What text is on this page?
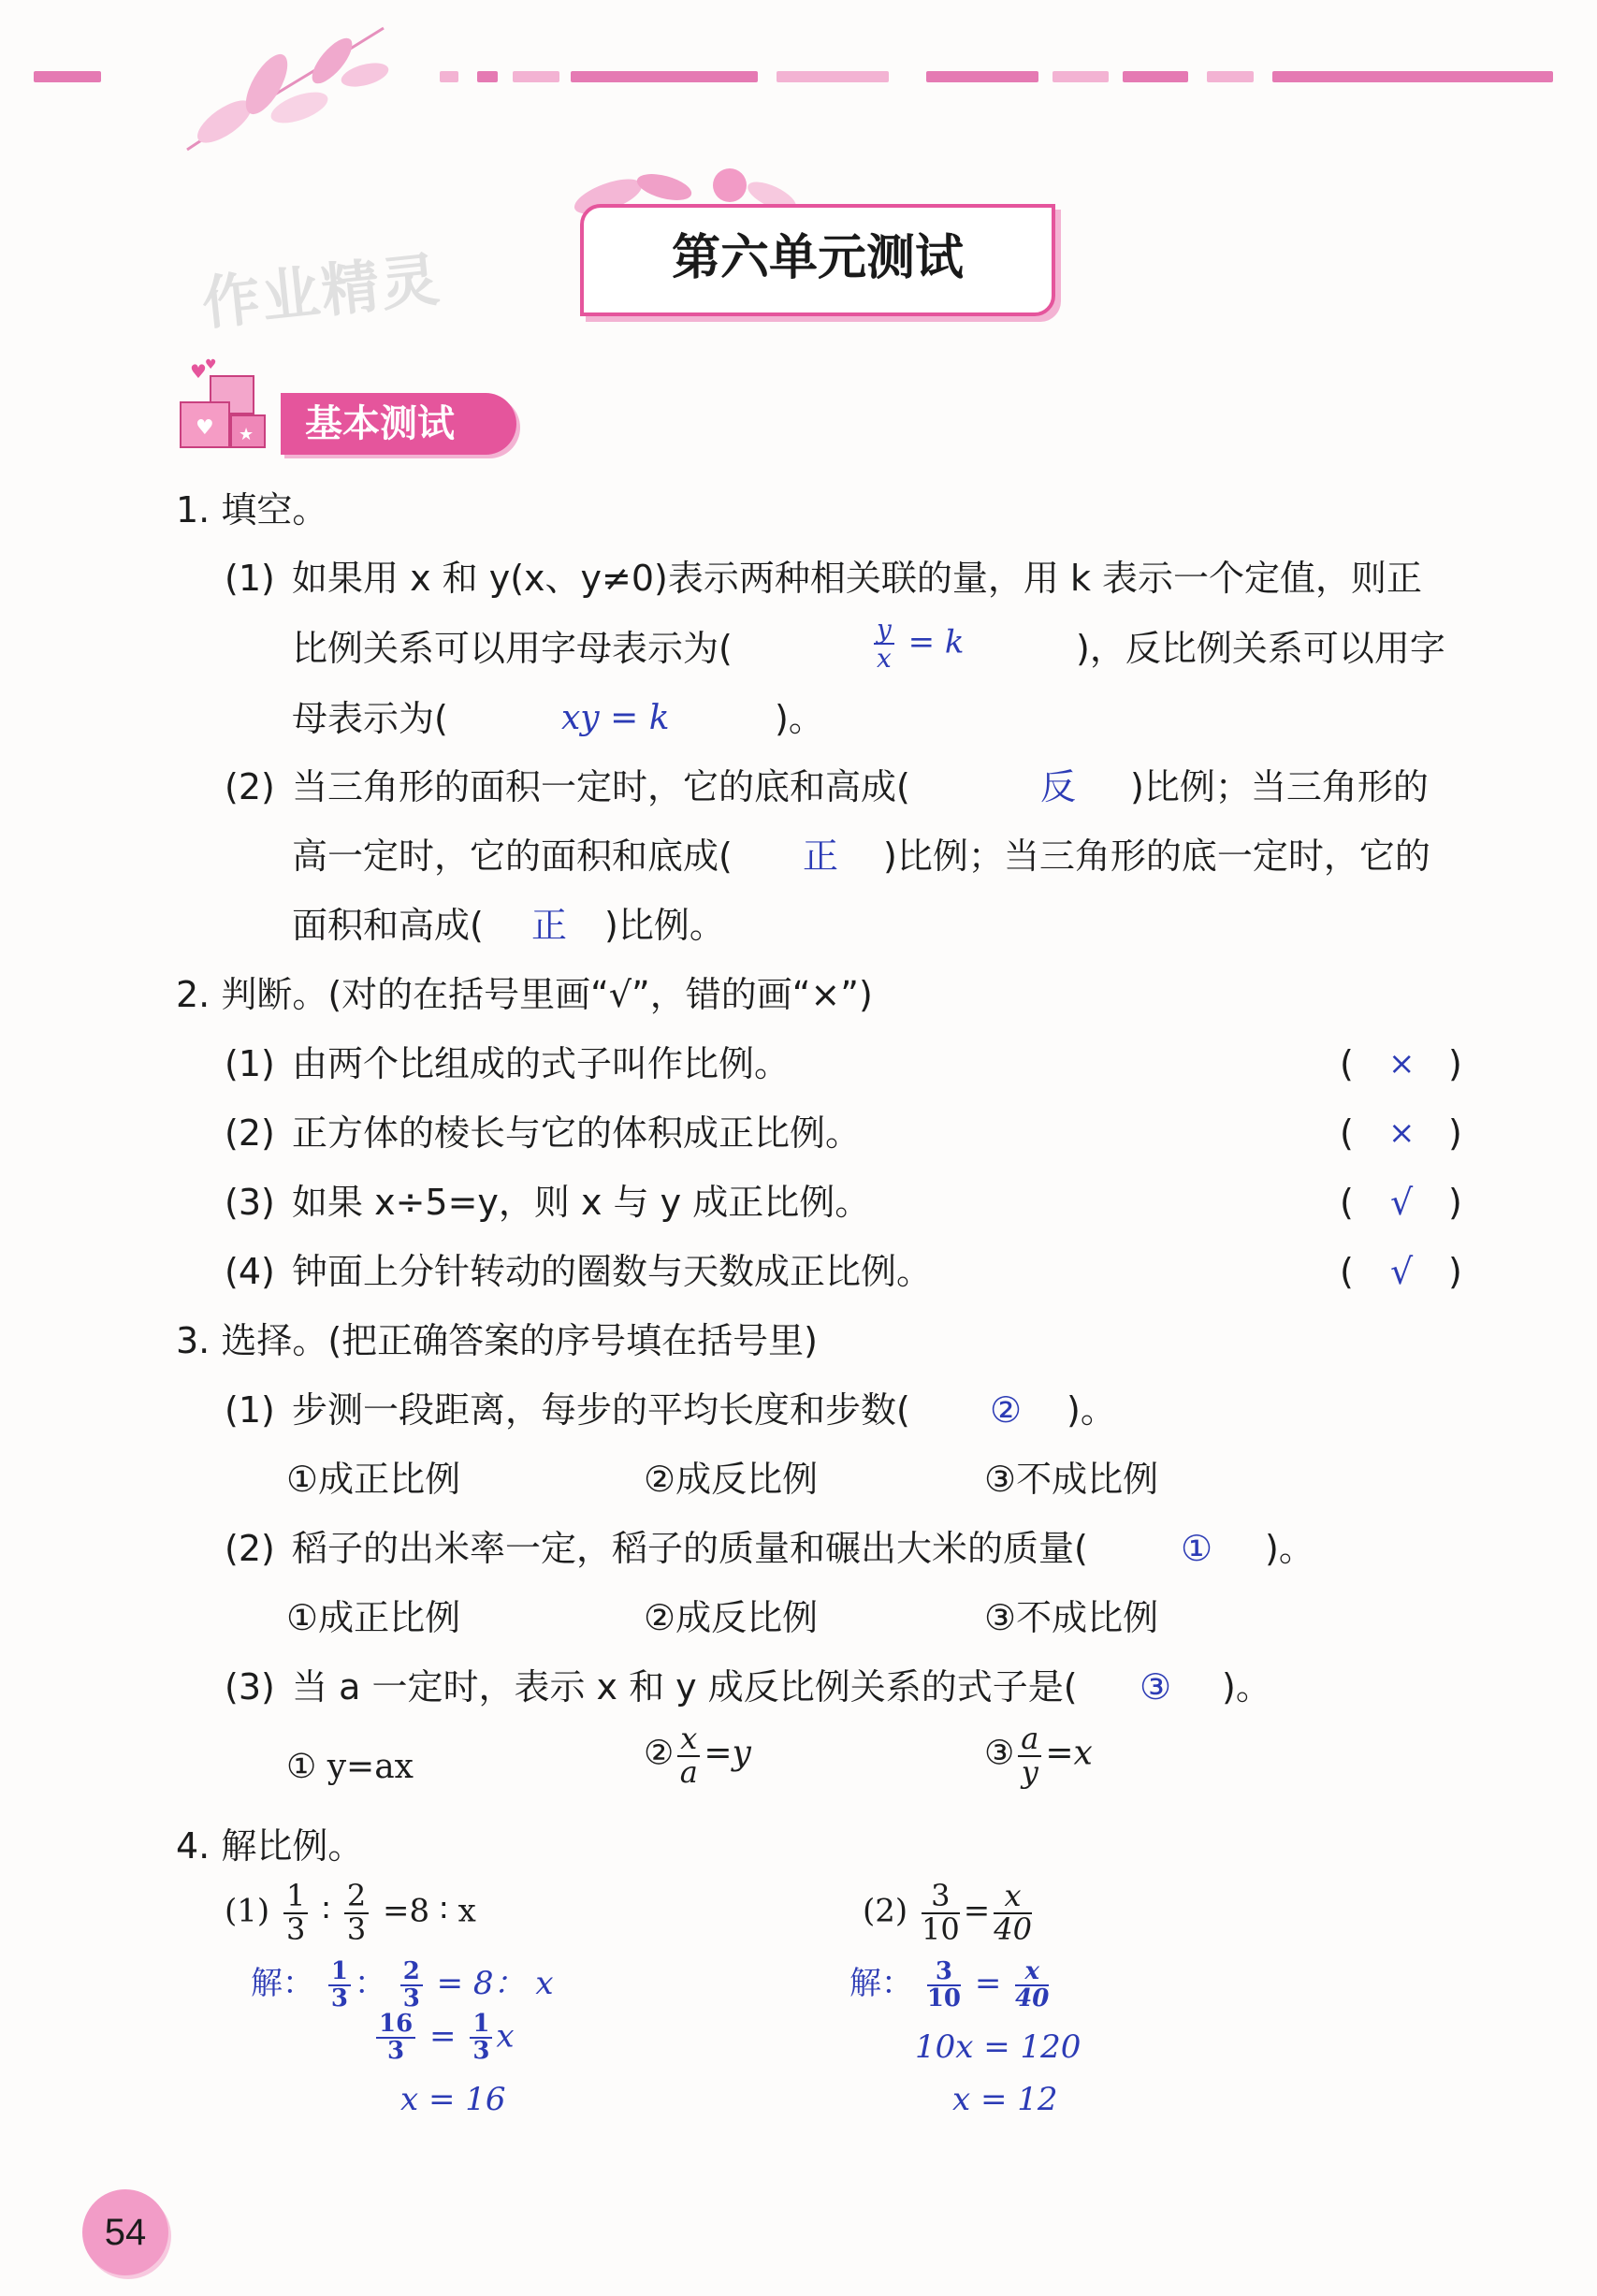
作业精灵	第六单元测试
♥
♥
♥ ★	基本测试
1. 填空。
(1) 如果用 x 和 y(x、y≠0)表示两种相关联的量，用 k 表示一个定值，则正
比例关系可以用字母表示为(	$\frac{y}{x} = k$	)，反比例关系可以用字
母表示为(	xy = k	)。
(2) 当三角形的面积一定时，它的底和高成(	反 )比例；当三角形的
高一定时，它的面积和底成( 正 )比例；当三角形的底一定时，它的
面积和高成( 正 )比例。
2. 判断。(对的在括号里画“√”，错的画“×”)
(1) 由两个比组成的式子叫作比例。	( × )
(2) 正方体的棱长与它的体积成正比例。	( × )
(3) 如果 x÷5=y，则 x 与 y 成正比例。	( √ )
(4) 钟面上分针转动的圈数与天数成正比例。	( √ )
3. 选择。(把正确答案的序号填在括号里)
(1) 步测一段距离，每步的平均长度和步数( ② )。
①成正比例	②成反比例	③不成比例
(2) 稻子的出米率一定，稻子的质量和碾出大米的质量(	① )。
①成正比例	②成反比例	③不成比例
(3) 当 a 一定时，表示 x 和 y 成反比例关系的式子是( ③ )。
① y=ax	② $\frac{x}{a} =y$	③ $\frac{a}{y} =x$
4. 解比例。
$(1) \frac{1}{3}$ ∶ $\frac{2}{3} =8$ ∶ x
解： $\frac{1}{3}$ ： $\frac{2}{3} = 8$： x
$\frac{16}{3} = \frac{1}{3}$ x
x = 16
$(2) \frac{3}{10} = \frac{x}{40}$
解： $\frac{3}{10} = \frac{x}{40}$
10x = 120
x = 12
54
